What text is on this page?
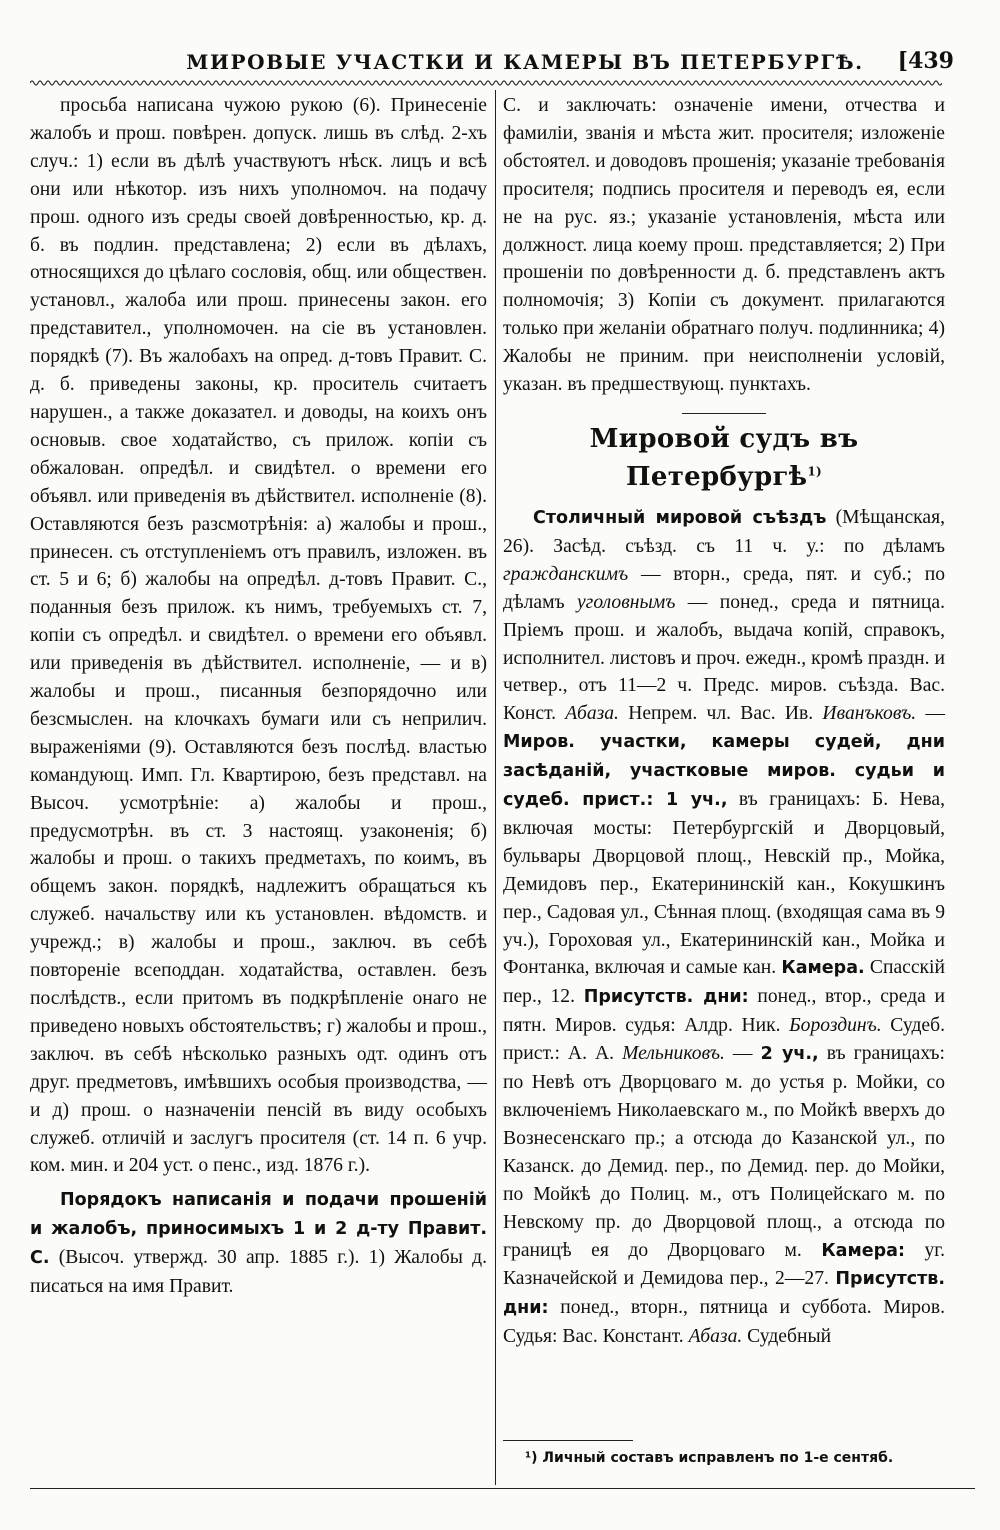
МИРОВЫЕ УЧАСТКИ И КАМЕРЫ ВЪ ПЕТЕРБУРГѢ. [439

просьба написана чужою рукою (6). Принесеніе жалобъ и прош. повѣрен. допуск. лишь въ слѣд. 2-хъ случ.: 1) если въ дѣлѣ участвуютъ нѣск. лицъ и всѣ они или нѣкотор. изъ нихъ уполномоч. на подачу прош. одного изъ среды своей довѣренностью, кр. д. б. въ подлин. представлена; 2) если въ дѣлахъ, относящихся до цѣлаго сословія, общ. или обществен. установл., жалоба или прош. принесены закон. его представител., уполномочен. на сіе въ установлен. порядкѣ (7). Въ жалобахъ на опред. д-товъ Правит. С. д. б. приведены законы, кр. проситель считаетъ нарушен., а также доказател. и доводы, на коихъ онъ основыв. свое ходатайство, съ прилож. копіи съ обжалован. опредѣл. и свидѣтел. о времени его объявл. или приведенія въ дѣйствител. исполненіе (8). Оставляются безъ разсмотрѣнія: а) жалобы и прош., принесен. съ отступленіемъ отъ правилъ, изложен. въ ст. 5 и 6; б) жалобы на опредѣл. д-товъ Правит. С., поданныя безъ прилож. къ нимъ, требуемыхъ ст. 7, копіи съ опредѣл. и свидѣтел. о времени его объявл. или приведенія въ дѣйствител. исполненіе, — и в) жалобы и прош., писанныя безпорядочно или безсмыслен. на клочкахъ бумаги или съ неприлич. выраженіями (9). Оставляются безъ послѣд. властью командующ. Имп. Гл. Квартирою, безъ представл. на Высоч. усмотрѣніе: а) жалобы и прош., предусмотрѣн. въ ст. 3 настоящ. узаконенія; б) жалобы и прош. о такихъ предметахъ, по коимъ, въ общемъ закон. порядкѣ, надлежитъ обращаться къ служеб. начальству или къ установлен. вѣдомств. и учрежд.; в) жалобы и прош., заключ. въ себѣ повтореніе всеподдан. ходатайства, оставлен. безъ послѣдств., если притомъ въ подкрѣпленіе онаго не приведено новыхъ обстоятельствъ; г) жалобы и прош., заключ. въ себѣ нѣсколько разныхъ одт. одинъ отъ друг. предметовъ, имѣвшихъ особыя производства, — и д) прош. о назначеніи пенсій въ виду особыхъ служеб. отличій и заслугъ просителя (ст. 14 п. 6 учр. ком. мин. и 204 уст. о пенс., изд. 1876 г.).

Порядокъ написанія и подачи прошеній и жалобъ, приносимыхъ 1 и 2 д-ту Правит. С. (Высоч. утвержд. 30 апр. 1885 г.). 1) Жалобы д. писаться на имя Правит.

С. и заключать: означеніе имени, отчества и фамиліи, званія и мѣста жит. просителя; изложеніе обстоятел. и доводовъ прошенія; указаніе требованія просителя; подпись просителя и переводъ ея, если не на рус. яз.; указаніе установленія, мѣста или должност. лица коему прош. представляется; 2) При прошеніи по довѣренности д. б. представленъ актъ полномочія; 3) Копіи съ документ. прилагаются только при желаніи обратнаго получ. подлинника; 4) Жалобы не приним. при неисполненіи условій, указан. въ предшествующ. пунктахъ.

Мировой судъ въ Петербургѣ$^{1)}$

Столичный мировой съѣздъ (Мѣщанская, 26). Засѣд. съѣзд. съ 11 ч. у.: по дѣламъ гражданскимъ — вторн., среда, пят. и суб.; по дѣламъ уголовнымъ — понед., среда и пятница. Пріемъ прош. и жалобъ, выдача копій, справокъ, исполнител. листовъ и проч. ежедн., кромѣ праздн. и четвер., отъ 11—2 ч. Предс. миров. съѣзда. Вас. Конст. Абаза. Непрем. чл. Вас. Ив. Иванъковъ. — Миров. участки, камеры судей, дни засѣданій, участковые миров. судьи и судеб. прист.: 1 уч., въ границахъ: Б. Нева, включая мосты: Петербургскій и Дворцовый, бульвары Дворцовой площ., Невскій пр., Мойка, Демидовъ пер., Екатерининскій кан., Кокушкинъ пер., Садовая ул., Сѣнная площ. (входящая сама въ 9 уч.), Гороховая ул., Екатерининскій кан., Мойка и Фонтанка, включая и самые кан. Камера. Спасскій пер., 12. Присутств. дни: понед., втор., среда и пятн. Миров. судья: Алдр. Ник. Бороздинъ. Судеб. прист.: А. А. Мельниковъ. — 2 уч., въ границахъ: по Невѣ отъ Дворцоваго м. до устья р. Мойки, со включеніемъ Николаевскаго м., по Мойкѣ вверхъ до Вознесенскаго пр.; а отсюда до Казанской ул., по Казанск. до Демид. пер., по Демид. пер. до Мойки, по Мойкѣ до Полиц. м., отъ Полицейскаго м. по Невскому пр. до Дворцовой площ., а отсюда по границѣ ея до Дворцоваго м. Камера: уг. Казначейской и Демидова пер., 2—27. Присутств. дни: понед., вторн., пятница и суббота. Миров. Судья: Вас. Констант. Абаза. Судебный

¹) Личный составъ исправленъ по 1-е сентяб.
